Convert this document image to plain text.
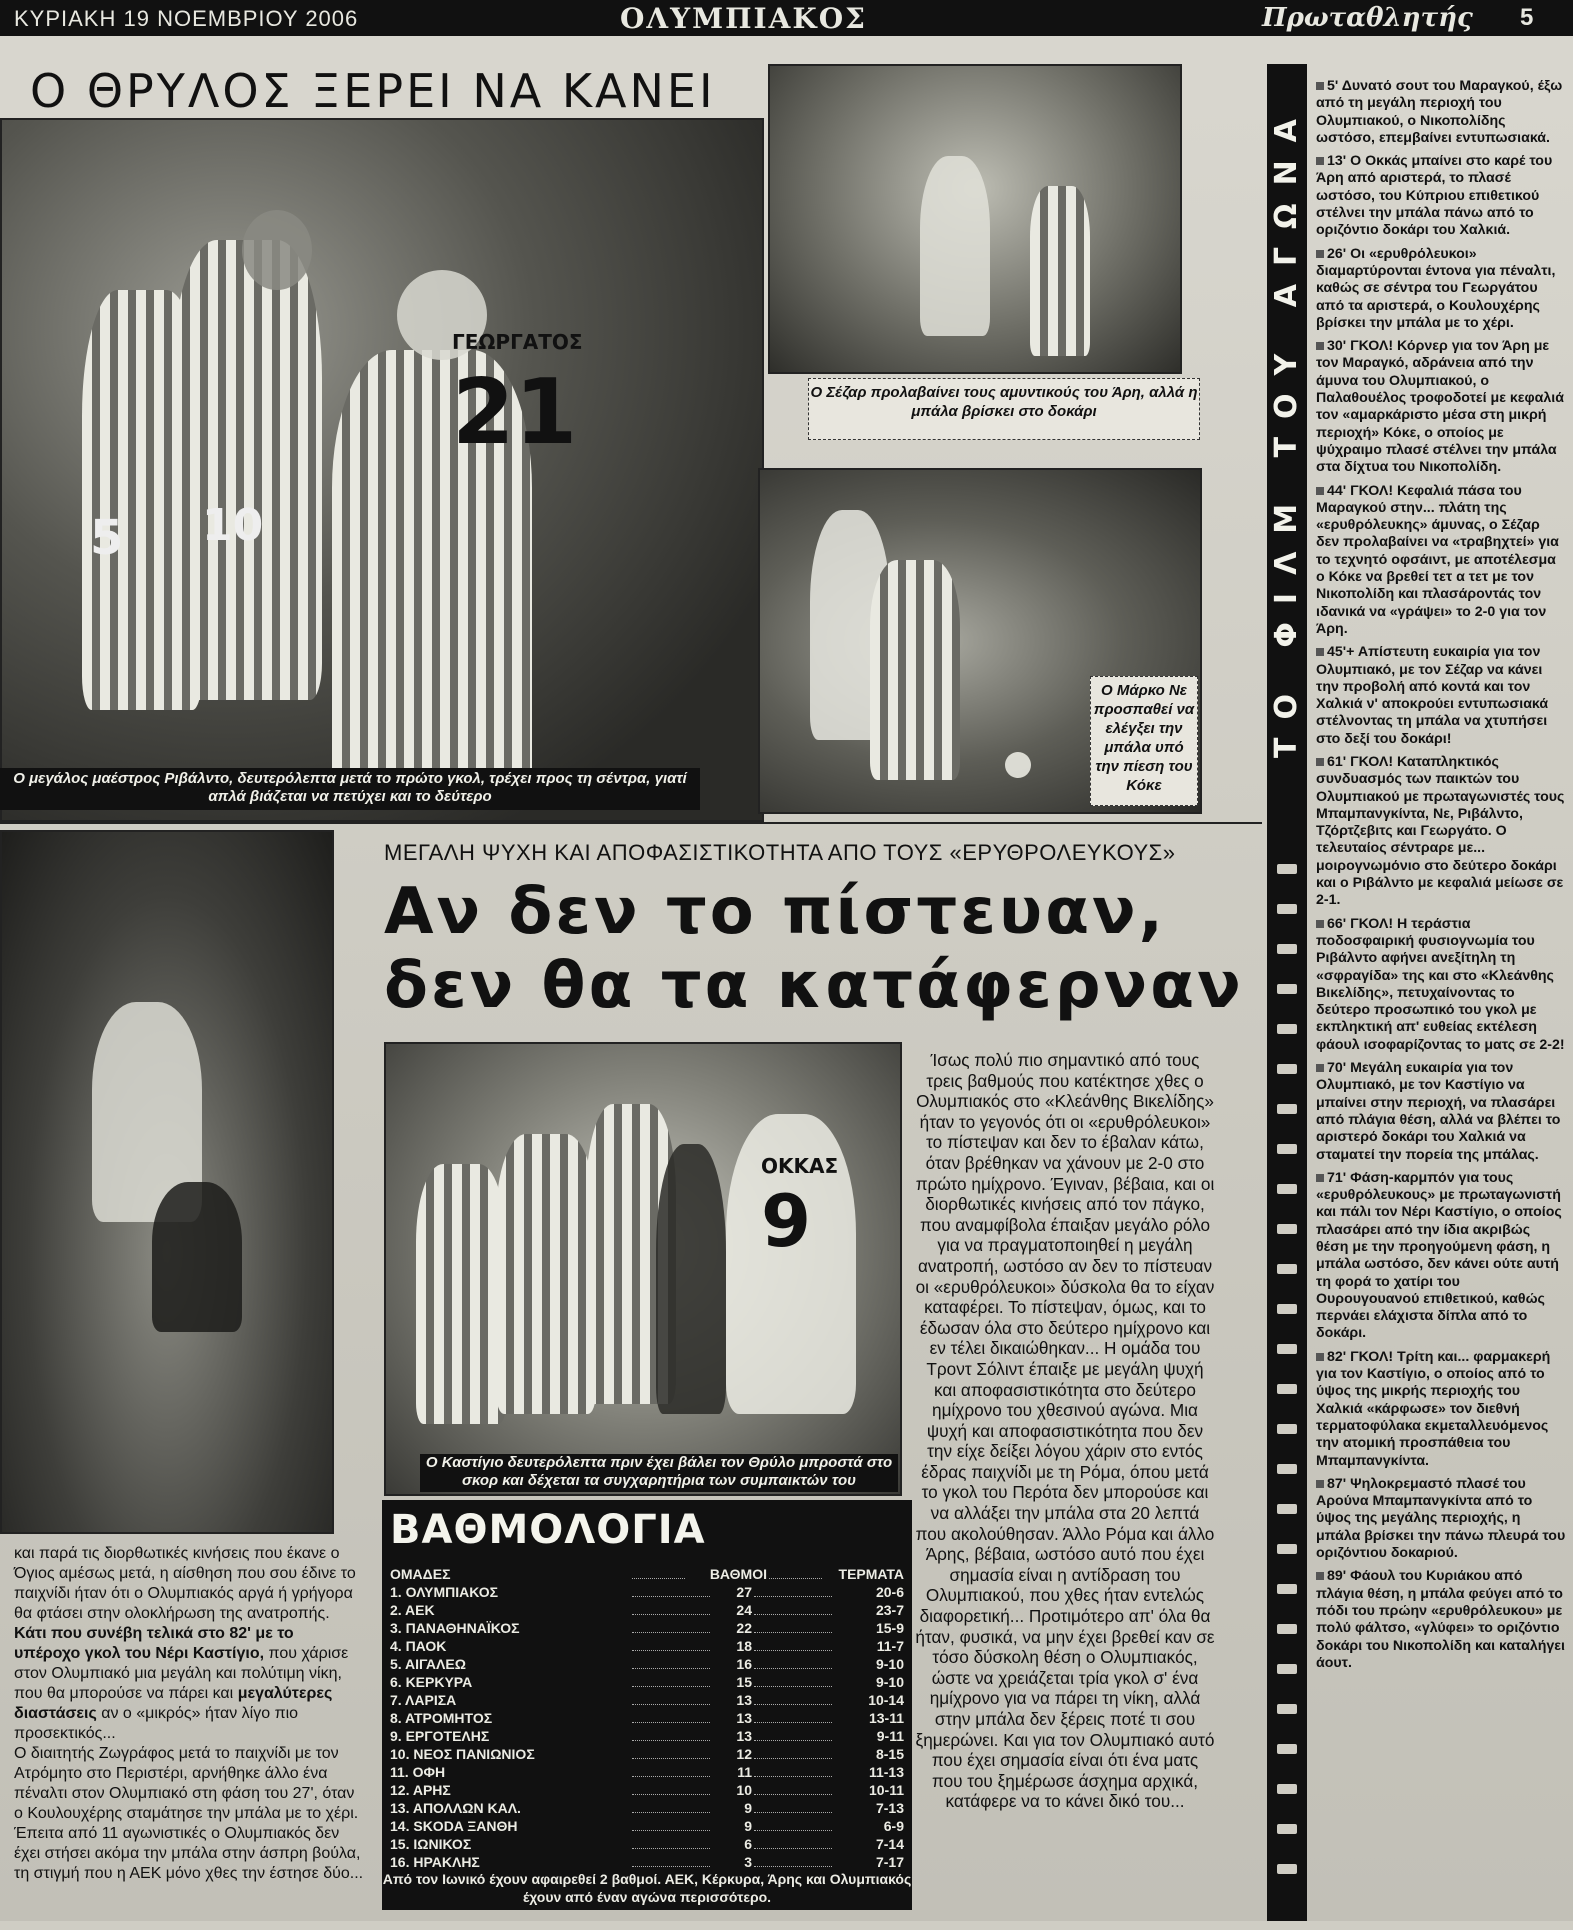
ΚΥΡΙΑΚΗ 19 ΝΟΕΜΒΡΙΟΥ 2006	ΟΛΥΜΠΙΑΚΟΣ	Πρωταθλητής 5
Ο ΘΡΥΛΟΣ ΞΕΡΕΙ ΝΑ ΚΑΝΕΙ
ΓΕΩΡΓΑΤΟΣ
21
5 10
Ο μεγάλος μαέστρος Ριβάλντο, δευτερόλεπτα μετά το πρώτο γκολ, τρέχει προς τη σέντρα, γιατί απλά βιάζεται να πετύχει και το δεύτερο
Ο Σέζαρ προλαβαίνει τους αμυντικούς του Άρη, αλλά η μπάλα βρίσκει στο δοκάρι
Ο Μάρκο Νε προσπαθεί να ελέγξει την μπάλα υπό την πίεση του Κόκε
ΤΟ ΦΙΛΜ ΤΟΥ ΑΓΩΝΑ
5' Δυνατό σουτ του Μαραγκού, έξω από τη μεγάλη περιοχή του Ολυμπιακού, ο Νικοπολίδης ωστόσο, επεμβαίνει εντυπωσιακά.
13' Ο Οκκάς μπαίνει στο καρέ του Άρη από αριστερά, το πλασέ ωστόσο, του Κύπριου επιθετικού στέλνει την μπάλα πάνω από το οριζόντιο δοκάρι του Χαλκιά.
26' Οι «ερυθρόλευκοι» διαμαρτύρονται έντονα για πέναλτι, καθώς σε σέντρα του Γεωργάτου από τα αριστερά, ο Κουλουχέρης βρίσκει την μπάλα με το χέρι.
30' ΓΚΟΛ! Κόρνερ για τον Άρη με τον Μαραγκό, αδράνεια από την άμυνα του Ολυμπιακού, ο Παλαθουέλος τροφοδοτεί με κεφαλιά τον «αμαρκάριστο μέσα στη μικρή περιοχή» Κόκε, ο οποίος με ψύχραιμο πλασέ στέλνει την μπάλα στα δίχτυα του Νικοπολίδη.
44' ΓΚΟΛ! Κεφαλιά πάσα του Μαραγκού στην... πλάτη της «ερυθρόλευκης» άμυνας, ο Σέζαρ δεν προλαβαίνει να «τραβηχτεί» για το τεχνητό οφσάιντ, με αποτέλεσμα ο Κόκε να βρεθεί τετ α τετ με τον Νικοπολίδη και πλασάροντάς τον ιδανικά να «γράψει» το 2-0 για τον Άρη.
45'+ Απίστευτη ευκαιρία για τον Ολυμπιακό, με τον Σέζαρ να κάνει την προβολή από κοντά και τον Χαλκιά ν' αποκρούει εντυπωσιακά στέλνοντας τη μπάλα να χτυπήσει στο δεξί του δοκάρι!
61' ΓΚΟΛ! Καταπληκτικός συνδυασμός των παικτών του Ολυμπιακού με πρωταγωνιστές τους Μπαμπανγκίντα, Νε, Ριβάλντο, Τζόρτζεβιτς και Γεωργάτο. Ο τελευταίος σέντραρε με... μοιρογνωμόνιο στο δεύτερο δοκάρι και ο Ριβάλντο με κεφαλιά μείωσε σε 2-1.
66' ΓΚΟΛ! Η τεράστια ποδοσφαιρική φυσιογνωμία του Ριβάλντο αφήνει ανεξίτηλη τη «σφραγίδα» της και στο «Κλεάνθης Βικελίδης», πετυχαίνοντας το δεύτερο προσωπικό του γκολ με εκπληκτική απ' ευθείας εκτέλεση φάουλ ισοφαρίζοντας το ματς σε 2-2!
70' Μεγάλη ευκαιρία για τον Ολυμπιακό, με τον Καστίγιο να μπαίνει στην περιοχή, να πλασάρει από πλάγια θέση, αλλά να βλέπει το αριστερό δοκάρι του Χαλκιά να σταματεί την πορεία της μπάλας.
71' Φάση-καρμπόν για τους «ερυθρόλευκους» με πρωταγωνιστή και πάλι τον Νέρι Καστίγιο, ο οποίος πλασάρει από την ίδια ακριβώς θέση με την προηγούμενη φάση, η μπάλα ωστόσο, δεν κάνει ούτε αυτή τη φορά το χατίρι του Ουρουγουανού επιθετικού, καθώς περνάει ελάχιστα δίπλα από το δοκάρι.
82' ΓΚΟΛ! Τρίτη και... φαρμακερή για τον Καστίγιο, ο οποίος από το ύψος της μικρής περιοχής του Χαλκιά «κάρφωσε» τον διεθνή τερματοφύλακα εκμεταλλευόμενος την ατομική προσπάθεια του Μπαμπανγκίντα.
87' Ψηλοκρεμαστό πλασέ του Αρούνα Μπαμπανγκίντα από το ύψος της μεγάλης περιοχής, η μπάλα βρίσκει την πάνω πλευρά του οριζόντιου δοκαριού.
89' Φάουλ του Κυριάκου από πλάγια θέση, η μπάλα φεύγει από το πόδι του πρώην «ερυθρόλευκου» με πολύ φάλτσο, «γλύφει» το οριζόντιο δοκάρι του Νικοπολίδη και καταλήγει άουτ.
ΜΕΓΑΛΗ ΨΥΧΗ ΚΑΙ ΑΠΟΦΑΣΙΣΤΙΚΟΤΗΤΑ ΑΠΟ ΤΟΥΣ «ΕΡΥΘΡΟΛΕΥΚΟΥΣ»
Αν δεν το πίστευαν,
δεν θα τα κατάφερναν
ΟΚΚΑΣ
9
Ο Καστίγιο δευτερόλεπτα πριν έχει βάλει τον Θρύλο μπροστά στο σκορ και δέχεται τα συγχαρητήρια των συμπαικτών του
Ίσως πολύ πιο σημαντικό από τους τρεις βαθμούς που κατέκτησε χθες ο Ολυμπιακός στο «Κλεάνθης Βικελίδης» ήταν το γεγονός ότι οι «ερυθρόλευκοι» το πίστεψαν και δεν το έβαλαν κάτω, όταν βρέθηκαν να χάνουν με 2-0 στο πρώτο ημίχρονο. Έγιναν, βέβαια, και οι διορθωτικές κινήσεις από τον πάγκο, που αναμφίβολα έπαιξαν μεγάλο ρόλο για να πραγματοποιηθεί η μεγάλη ανατροπή, ωστόσο αν δεν το πίστευαν οι «ερυθρόλευκοι» δύσκολα θα το είχαν καταφέρει. Το πίστεψαν, όμως, και το έδωσαν όλα στο δεύτερο ημίχρονο και εν τέλει δικαιώθηκαν... Η ομάδα του Τροντ Σόλιντ έπαιξε με μεγάλη ψυχή και αποφασιστικότητα στο δεύτερο ημίχρονο του χθεσινού αγώνα. Μια ψυχή και αποφασιστικότητα που δεν την είχε δείξει λόγου χάριν στο εντός έδρας παιχνίδι με τη Ρόμα, όπου μετά το γκολ του Περότα δεν μπορούσε και να αλλάξει την μπάλα στα 20 λεπτά που ακολούθησαν. Άλλο Ρόμα και άλλο Άρης, βέβαια, ωστόσο αυτό που έχει σημασία είναι η αντίδραση του Ολυμπιακού, που χθες ήταν εντελώς διαφορετική... Προτιμότερο απ' όλα θα ήταν, φυσικά, να μην έχει βρεθεί καν σε τόσο δύσκολη θέση ο Ολυμπιακός, ώστε να χρειάζεται τρία γκολ σ' ένα ημίχρονο για να πάρει τη νίκη, αλλά στην μπάλα δεν ξέρεις ποτέ τι σου ξημερώνει. Και για τον Ολυμπιακό αυτό που έχει σημασία είναι ότι ένα ματς που του ξημέρωσε άσχημα αρχικά, κατάφερε να το κάνει δικό του...
και παρά τις διορθωτικές κινήσεις που έκανε ο Όγιος αμέσως μετά, η αίσθηση που σου έδινε το παιχνίδι ήταν ότι ο Ολυμπιακός αργά ή γρήγορα θα φτάσει στην ολοκλήρωση της ανατροπής. Κάτι που συνέβη τελικά στο 82' με το υπέροχο γκολ του Νέρι Καστίγιο, που χάρισε στον Ολυμπιακό μια μεγάλη και πολύτιμη νίκη, που θα μπορούσε να πάρει και μεγαλύτερες διαστάσεις αν ο «μικρός» ήταν λίγο πιο προσεκτικός...
Ο διαιτητής Ζωγράφος μετά το παιχνίδι με τον Ατρόμητο στο Περιστέρι, αρνήθηκε άλλο ένα πέναλτι στον Ολυμπιακό στη φάση του 27', όταν ο Κουλουχέρης σταμάτησε την μπάλα με το χέρι. Έπειτα από 11 αγωνιστικές ο Ολυμπιακός δεν έχει στήσει ακόμα την μπάλα στην άσπρη βούλα, τη στιγμή που η ΑΕΚ μόνο χθες την έστησε δύο...
ΒΑΘΜΟΛΟΓΙΑ
ΟΜΑΔΕΣ	ΒΑΘΜΟΙ	ΤΕΡΜΑΤΑ
1. ΟΛΥΜΠΙΑΚΟΣ	27	20-6
2. ΑΕΚ	24	23-7
3. ΠΑΝΑΘΗΝΑΪΚΟΣ	22	15-9
4. ΠΑΟΚ	18	11-7
5. ΑΙΓΑΛΕΩ	16	9-10
6. ΚΕΡΚΥΡΑ	15	9-10
7. ΛΑΡΙΣΑ	13	10-14
8. ΑΤΡΟΜΗΤΟΣ	13	13-11
9. ΕΡΓΟΤΕΛΗΣ	13	9-11
10. ΝΕΟΣ ΠΑΝΙΩΝΙΟΣ	12	8-15
11. ΟΦΗ	11	11-13
12. ΑΡΗΣ	10	10-11
13. ΑΠΟΛΛΩΝ ΚΑΛ.	9	7-13
14. SKODA ΞΑΝΘΗ	9	6-9
15. ΙΩΝΙΚΟΣ	6	7-14
16. ΗΡΑΚΛΗΣ	3	7-17
Από τον Ιωνικό έχουν αφαιρεθεί 2 βαθμοί. ΑΕΚ, Κέρκυρα, Άρης και Ολυμπιακός έχουν από έναν αγώνα περισσότερο.
